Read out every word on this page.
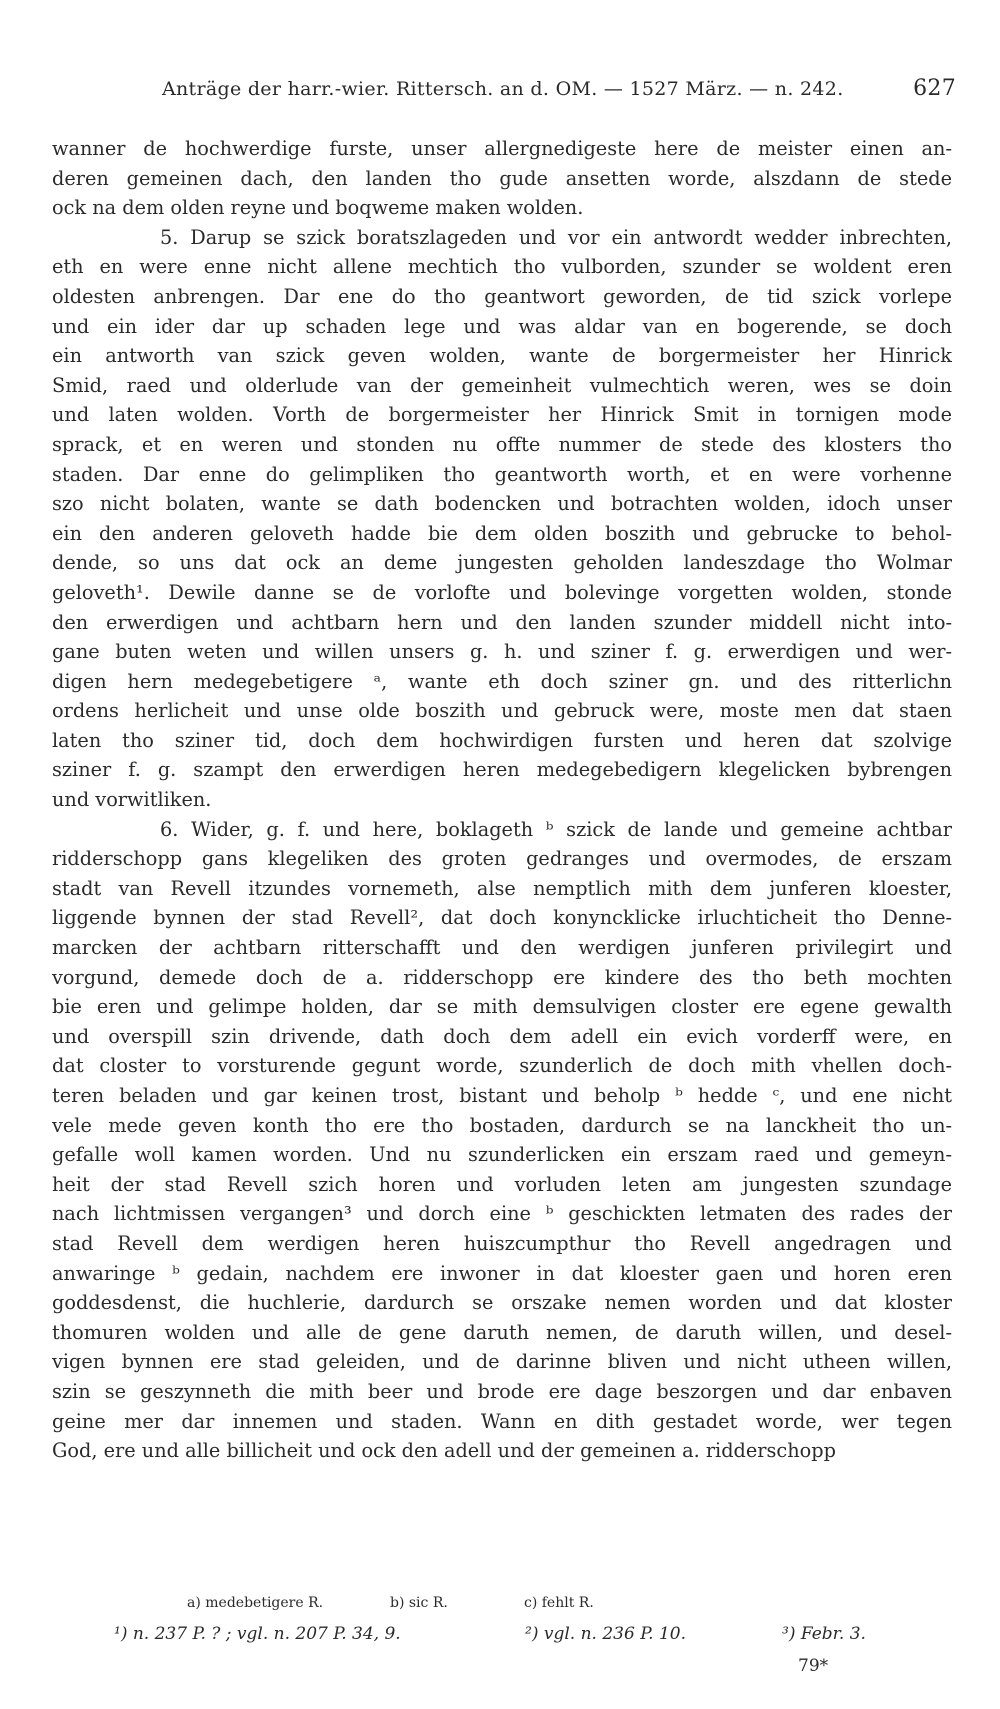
Anträge der harr.-wier. Rittersch. an d. OM. — 1527 März. — n. 242.	627
wanner de hochwerdige furste, unser allergnedigeste here de meister einen an-
deren gemeinen dach, den landen tho gude ansetten worde, alszdann de stede
ock na dem olden reyne und boqweme maken wolden.
5. Darup se szick boratszlageden und vor ein antwordt wedder inbrechten,
eth en were enne nicht allene mechtich tho vulborden, szunder se woldent eren
oldesten anbrengen. Dar ene do tho geantwort geworden, de tid szick vorlepe
und ein ider dar up schaden lege und was aldar van en bogerende, se doch
ein antworth van szick geven wolden, wante de borgermeister her Hinrick
Smid, raed und olderlude van der gemeinheit vulmechtich weren, wes se doin
und laten wolden. Vorth de borgermeister her Hinrick Smit in tornigen mode
sprack, et en weren und stonden nu offte nummer de stede des klosters tho
staden. Dar enne do gelimpliken tho geantworth worth, et en were vorhenne
szo nicht bolaten, wante se dath bodencken und botrachten wolden, idoch unser
ein den anderen geloveth hadde bie dem olden boszith und gebrucke to behol-
dende, so uns dat ock an deme jungesten geholden landeszdage tho Wolmar
geloveth¹. Dewile danne se de vorlofte und bolevinge vorgetten wolden, stonde
den erwerdigen und achtbarn hern und den landen szunder middell nicht into-
gane buten weten und willen unsers g. h. und sziner f. g. erwerdigen und wer-
digen hern medegebetigere ᵃ, wante eth doch sziner gn. und des ritterlichn
ordens herlicheit und unse olde boszith und gebruck were, moste men dat staen
laten tho sziner tid, doch dem hochwirdigen fursten und heren dat szolvige
sziner f. g. szampt den erwerdigen heren medegebedigern klegelicken bybrengen
und vorwitliken.
6. Wider, g. f. und here, boklageth ᵇ szick de lande und gemeine achtbar
ridderschopp gans klegeliken des groten gedranges und overmodes, de erszam
stadt van Revell itzundes vornemeth, alse nemptlich mith dem junferen kloester,
liggende bynnen der stad Revell², dat doch konyncklicke irluchticheit tho Denne-
marcken der achtbarn ritterschafft und den werdigen junferen privilegirt und
vorgund, demede doch de a. ridderschopp ere kindere des tho beth mochten
bie eren und gelimpe holden, dar se mith demsulvigen closter ere egene gewalth
und overspill szin drivende, dath doch dem adell ein evich vorderff were, en
dat closter to vorsturende gegunt worde, szunderlich de doch mith vhellen doch-
teren beladen und gar keinen trost, bistant und beholp ᵇ hedde ᶜ, und ene nicht
vele mede geven konth tho ere tho bostaden, dardurch se na lanckheit tho un-
gefalle woll kamen worden. Und nu szunderlicken ein erszam raed und gemeyn-
heit der stad Revell szich horen und vorluden leten am jungesten szundage
nach lichtmissen vergangen³ und dorch eine ᵇ geschickten letmaten des rades der
stad Revell dem werdigen heren huiszcumpthur tho Revell angedragen und
anwaringe ᵇ gedain, nachdem ere inwoner in dat kloester gaen und horen eren
goddesdenst, die huchlerie, dardurch se orszake nemen worden und dat kloster
thomuren wolden und alle de gene daruth nemen, de daruth willen, und desel-
vigen bynnen ere stad geleiden, und de darinne bliven und nicht utheen willen,
szin se geszynneth die mith beer und brode ere dage beszorgen und dar enbaven
geine mer dar innemen und staden. Wann en dith gestadet worde, wer tegen
God, ere und alle billicheit und ock den adell und der gemeinen a. ridderschopp
a) medebetigere R.	b) sic R.	c) fehlt R.
¹) n. 237 P. ? ; vgl. n. 207 P. 34, 9.	²) vgl. n. 236 P. 10.	³) Febr. 3.
79*
